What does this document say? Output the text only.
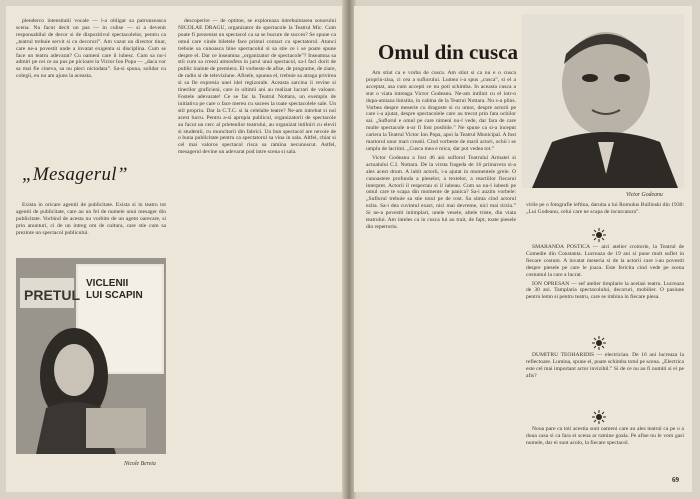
plenderco intensitatii vocale — l-a obligat sa patrunzeasca scena. Nu facut decit un pas — in culise — si a devenit responsabilul de decor si de dispozitivul spectacolelor, pentru ca „teatrul trebuie servit si cu decoruri”. Am vazut un director tinar, care ne-a povestit unde a invatat exigenta si disciplina. Cum se face un teatru adevarat? Cu oameni care il iubesc. Cum sa nu-i admiri pe cei ce au pus pe picioare la Victor Ion Popa — „daca vor sa mai fie cineva, sa nu pleci niciodata”. Sa-si spuna, solidar cu colegii, eu nu am ajuns la aceasta.

„Mesagerul”

Exista in oricare agentii de publicitate. Exista si in teatru tot agentii de publicitate, care au un fel de numele unui mesager din publicitate. Vorbind de acesta nu vorbim de un agent oarecare, si prin anunturi, ci de un intreg om de cultura, care stie cum sa prezinte un spectacol publicului.

VICLENII
LUI SCAPIN
PRETUL
Nicole Bereia

descoperire — de optime, se exploreaza intrebuintarea sonorului NICOLAE DRAGU, organizator de spectacole la Teatrul Mic. Cum poate fi prezentat un spectacol ca sa se bucure de succes? Se spune ca omul care vinde biletele face primul contact cu spectatorul. Atunci trebuie sa cunoasca bine spectacolul si sa stie ce i se poate spune despre el. Dar ce inseamna „organizator de spectacole”? Inseamna sa stii cum sa creezi atmosfera in jurul unui spectacol, sa-l faci dorit de public inainte de premiera. El vorbeste de afise, de programe, de ziare, de radio si de televiziune. Afisele, spunea el, trebuie sa atraga privirea si sa fie expresia unei idei regizorale. Aceasta sarcina ii revine si tinerilor graficieni, care in ultimii ani au realizat lucrari de valoare. Fostele adevarate! Ce se fac la Teatrul Nottara, un exemplu de initiativa pe care o face mereu cu sucees la toate spectacolele sale. Un stil propriu. Dar la C.T.C. si la celelalte teatre? Ne-am intrebat si noi acest lucru. Pentru a-si apropia publicul, organizatorii de spectacole au facut un cerc al prietenilor teatrului, au organizat intilniri cu elevii si studentii, cu muncitorii din fabrici. Un bun spectacol are nevoie de o buna publicitate pentru ca spectatorul sa vina in sala. Altfel, chiar si cel mai valoros spectacol risca sa ramina necunoscut. Astfel, mesagerul devine un adevarat pod intre scena si sala.

Omul din cusca

Am stiut ca e vorba de cusca. Am stiut si ca nu e o cusca propriu-zisa, ci cea a suflorului. Lumea i-a spus „cusca”, si el a acceptat, asa cum accepti ce nu poti schimba. In aceasta cusca a stat o viata intreaga Victor Godeanu. Ne-am intilnit cu el intr-o dupa-amiaza linistita, in cabina de la Teatrul Nottara. Nu s-a plins. Vorbea despre meserie cu dragoste si cu umor, despre actorii pe care i-a ajutat, despre spectacolele care au trecut prin fata ochilor sai. „Suflorul e omul pe care nimeni nu-l vede, dar fara de care multe spectacole n-ar fi fost posibile.” Ne spune ca si-a inceput cariera la Teatrul Victor Ion Popa, apoi la Teatrul Municipal. A fost martorul unor mari creatii. Cind vorbeste de marii actori, ochii i se umplu de lacrimi. „Cusca mea e mica, dar pot vedea tot.”

Victor Godeanu a fost 46 ani suflorul Teatrului Armatei si actualului C.I. Nottara. De la virsta frageda de 16 primavera si-a ales acest drum. A iubit actorii, i-a ajutat in momentele grele. O cunoastere profunda a pieselor, a textelor, a reactiilor fiecarui interpret. Actorii il respectau si il iubeau. Cum sa nu-l iubesti pe omul care te scapa din momente de panica? Sa-i auzim vorbele: „Suflorul trebuie sa stie totul pe de rost. Sa simta cind actorul ezita. Sa-i dea cuvintul exact, nici mai devreme, nici mai tirziu.” Si ne-a povestit intimplari, unele vesele, altele triste, din viata teatrului. Am inteles ca in cusca lui au trait, de fapt, toate piesele din repertoriu.

Victor Godeanu

virile pe o fotografie ieftina, daruita a lui Romulus Bullinski din 1930: „Lui Godeanu, celui care ne scapa de incurcatura”.

SMARANDA POSTICA — aici atelier croitorie, la Teatrul de Comedie din Constanta. Lucreaza de 19 ani si pune mult suflet in fiecare costum. A invatat meseria si de la actorii care i-au povestit despre piesele pe care le joaca. Este fericita cind vede pe scena costumul la care a lucrat.

ION OPRESAN — sef atelier timplarie la acelasi teatru. Lucreaza de 30 ani. Tamplaria spectacolului, decoruri, mobilier. O pasiune pentru lemn si pentru teatru, care se imbina in fiecare piesa.

DUMITRU TEOHARIDIS — electrician. De 16 ani lucreaza la reflectoare. Lumina, spune el, poate schimba totul pe scena. „Electrica este cel mai important actor invizibil.” Si de ce nu au fi numiti si ei pe afis?

Noua pare ca toti acestia sunt oameni care au ales teatrul ca pe o a doua casa si ca fara ei scena ar ramine goala. Pe afise nu le vom gasi numele, dar ei sunt acolo, la fiecare spectacol.

69
